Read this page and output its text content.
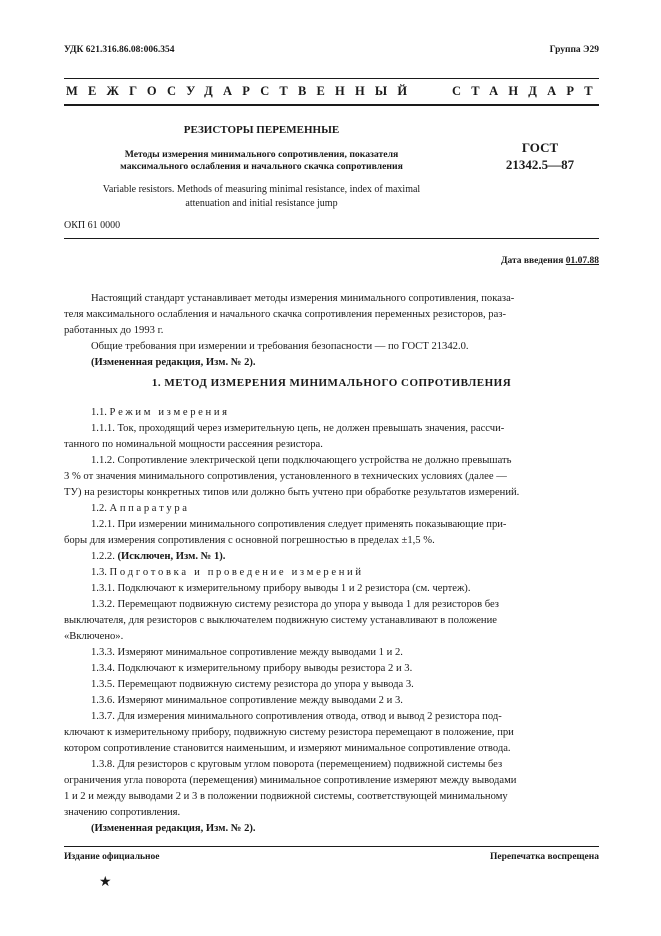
УДК 621.316.86.08:006.354	Группа Э29
МЕЖГОСУДАРСТВЕННЫЙ	СТАНДАРТ
РЕЗИСТОРЫ ПЕРЕМЕННЫЕ
Методы измерения минимального сопротивления, показателя
максимального ослабления и начального скачка сопротивления
Variable resistors. Methods of measuring minimal resistance, index of maximal
attenuation and initial resistance jump
ГОСТ
21342.5—87
ОКП 61 0000
Дата введения 01.07.88
Настоящий стандарт устанавливает методы измерения минимального сопротивления, показа-
теля максимального ослабления и начального скачка сопротивления переменных резисторов, раз-
работанных до 1993 г.
Общие требования при измерении и требования безопасности — по ГОСТ 21342.0.
(Измененная редакция, Изм. № 2).
1. МЕТОД ИЗМЕРЕНИЯ МИНИМАЛЬНОГО СОПРОТИВЛЕНИЯ
1.1. Р е ж и м   и з м е р е н и я
1.1.1. Ток, проходящий через измерительную цепь, не должен превышать значения, рассчи-
танного по номинальной мощности рассеяния резистора.
1.1.2. Сопротивление электрической цепи подключающего устройства не должно превышать
3 % от значения минимального сопротивления, установленного в технических условиях (далее —
ТУ) на резисторы конкретных типов или должно быть учтено при обработке результатов измерений.
1.2. А п п а р а т у р а
1.2.1. При измерении минимального сопротивления следует применять показывающие при-
боры для измерения сопротивления с основной погрешностью в пределах ±1,5 %.
1.2.2. (Исключен, Изм. № 1).
1.3. П о д г о т о в к а   и   п р о в е д е н и е   и з м е р е н и й
1.3.1. Подключают к измерительному прибору выводы 1 и 2 резистора (см. чертеж).
1.3.2. Перемещают подвижную систему резистора до упора у вывода 1 для резисторов без
выключателя, для резисторов с выключателем подвижную систему устанавливают в положение
«Включено».
1.3.3. Измеряют минимальное сопротивление между выводами 1 и 2.
1.3.4. Подключают к измерительному прибору выводы резистора 2 и 3.
1.3.5. Перемещают подвижную систему резистора до упора у вывода 3.
1.3.6. Измеряют минимальное сопротивление между выводами 2 и 3.
1.3.7. Для измерения минимального сопротивления отвода, отвод и вывод 2 резистора под-
ключают к измерительному прибору, подвижную систему резистора перемещают в положение, при
котором сопротивление становится наименьшим, и измеряют минимальное сопротивление отвода.
1.3.8. Для резисторов с круговым углом поворота (перемещением) подвижной системы без
ограничения угла поворота (перемещения) минимальное сопротивление измеряют между выводами
1 и 2 и между выводами 2 и 3 в положении подвижной системы, соответствующей минимальному
значению сопротивления.
(Измененная редакция, Изм. № 2).
Издание официальное	Перепечатка воспрещена
★
